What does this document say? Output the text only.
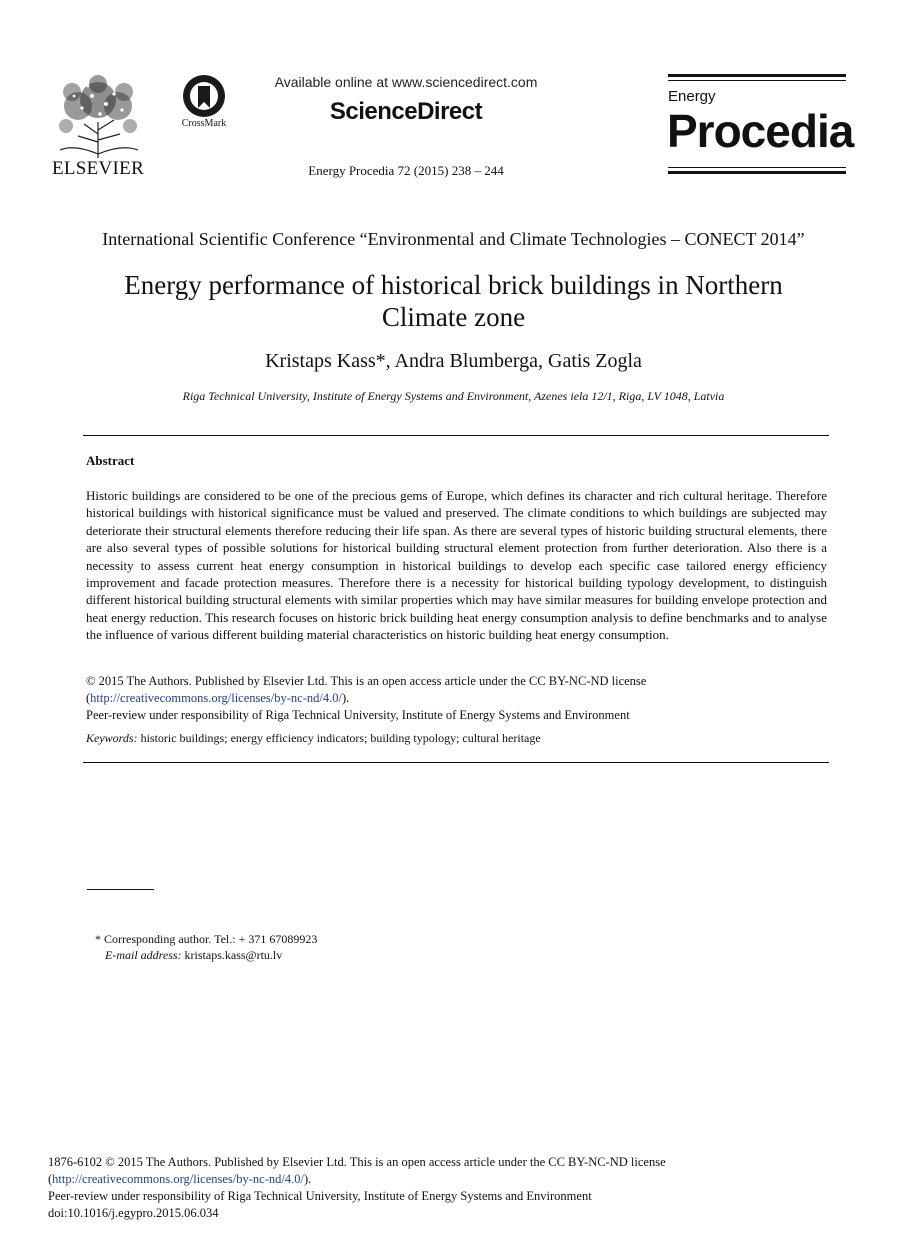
ELSEVIER
CrossMark
Available online at www.sciencedirect.com
ScienceDirect
Energy Procedia 72 (2015) 238 – 244
Energy
Procedia
International Scientific Conference “Environmental and Climate Technologies – CONECT 2014”
Energy performance of historical brick buildings in Northern Climate zone
Kristaps Kass*, Andra Blumberga, Gatis Zogla
Riga Technical University, Institute of Energy Systems and Environment, Azenes iela 12/1, Riga, LV 1048, Latvia
Abstract
Historic buildings are considered to be one of the precious gems of Europe, which defines its character and rich cultural heritage. Therefore historical buildings with historical significance must be valued and preserved. The climate conditions to which buildings are subjected may deteriorate their structural elements therefore reducing their life span. As there are several types of historic building structural elements, there are also several types of possible solutions for historical building structural element protection from further deterioration. Also there is a necessity to assess current heat energy consumption in historical buildings to develop each specific case tailored energy efficiency improvement and facade protection measures. Therefore there is a necessity for historical building typology development, to distinguish different historical building structural elements with similar properties which may have similar measures for building envelope protection and heat energy reduction. This research focuses on historic brick building heat energy consumption analysis to define benchmarks and to analyse the influence of various different building material characteristics on historic building heat energy consumption.
© 2015 The Authors. Published by Elsevier Ltd. This is an open access article under the CC BY-NC-ND license
(http://creativecommons.org/licenses/by-nc-nd/4.0/).
Peer-review under responsibility of Riga Technical University, Institute of Energy Systems and Environment
Keywords: historic buildings; energy efficiency indicators; building typology; cultural heritage
* Corresponding author. Tel.: + 371 67089923
E-mail address: kristaps.kass@rtu.lv
1876-6102 © 2015 The Authors. Published by Elsevier Ltd. This is an open access article under the CC BY-NC-ND license
(http://creativecommons.org/licenses/by-nc-nd/4.0/).
Peer-review under responsibility of Riga Technical University, Institute of Energy Systems and Environment
doi:10.1016/j.egypro.2015.06.034
